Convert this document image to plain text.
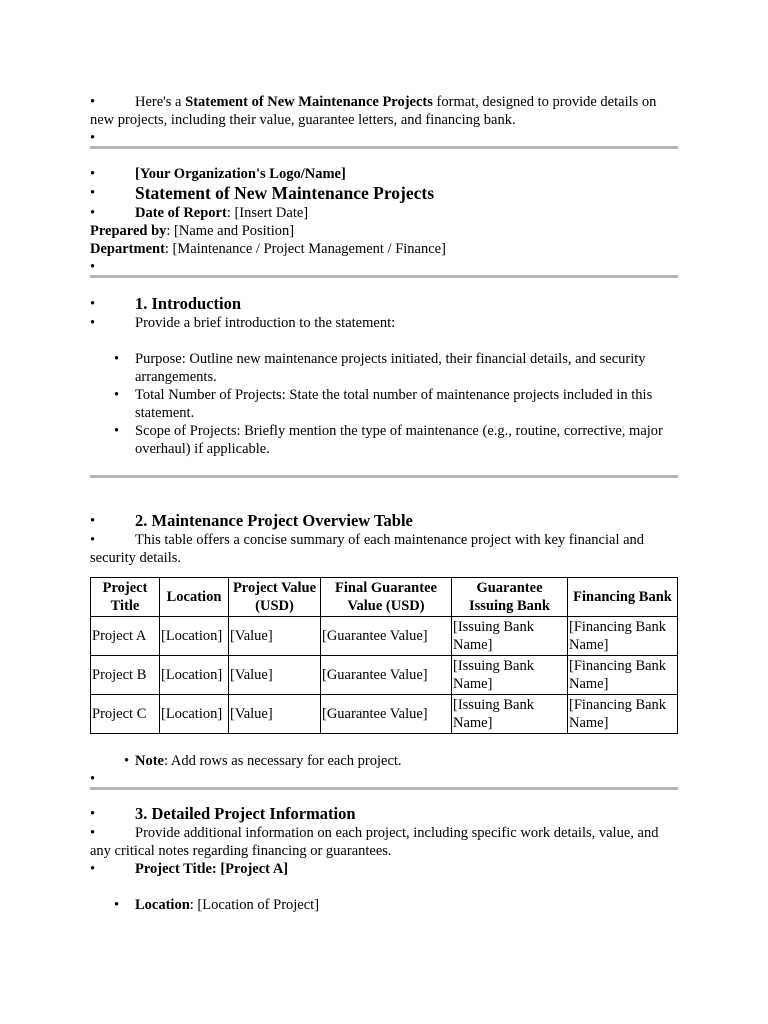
•	Here's a Statement of New Maintenance Projects format, designed to provide details on new projects, including their value, guarantee letters, and financing bank.
•
•	[Your Organization's Logo/Name]
• Statement of New Maintenance Projects
•	Date of Report: [Insert Date]
Prepared by: [Name and Position]
Department: [Maintenance / Project Management / Finance]
•
• 1. Introduction
•	Provide a brief introduction to the statement:
• Purpose: Outline new maintenance projects initiated, their financial details, and security arrangements.
• Total Number of Projects: State the total number of maintenance projects included in this statement.
• Scope of Projects: Briefly mention the type of maintenance (e.g., routine, corrective, major overhaul) if applicable.
• 2. Maintenance Project Overview Table
•	This table offers a concise summary of each maintenance project with key financial and security details.
Project Title	Location	Project Value (USD)	Final Guarantee Value (USD)	Guarantee Issuing Bank	Financing Bank
Project A	[Location]	[Value]	[Guarantee Value]	[Issuing Bank Name]	[Financing Bank Name]
Project B	[Location]	[Value]	[Guarantee Value]	[Issuing Bank Name]	[Financing Bank Name]
Project C	[Location]	[Value]	[Guarantee Value]	[Issuing Bank Name]	[Financing Bank Name]
• Note: Add rows as necessary for each project.
•
• 3. Detailed Project Information
•	Provide additional information on each project, including specific work details, value, and any critical notes regarding financing or guarantees.
•	Project Title: [Project A]
• Location: [Location of Project]
